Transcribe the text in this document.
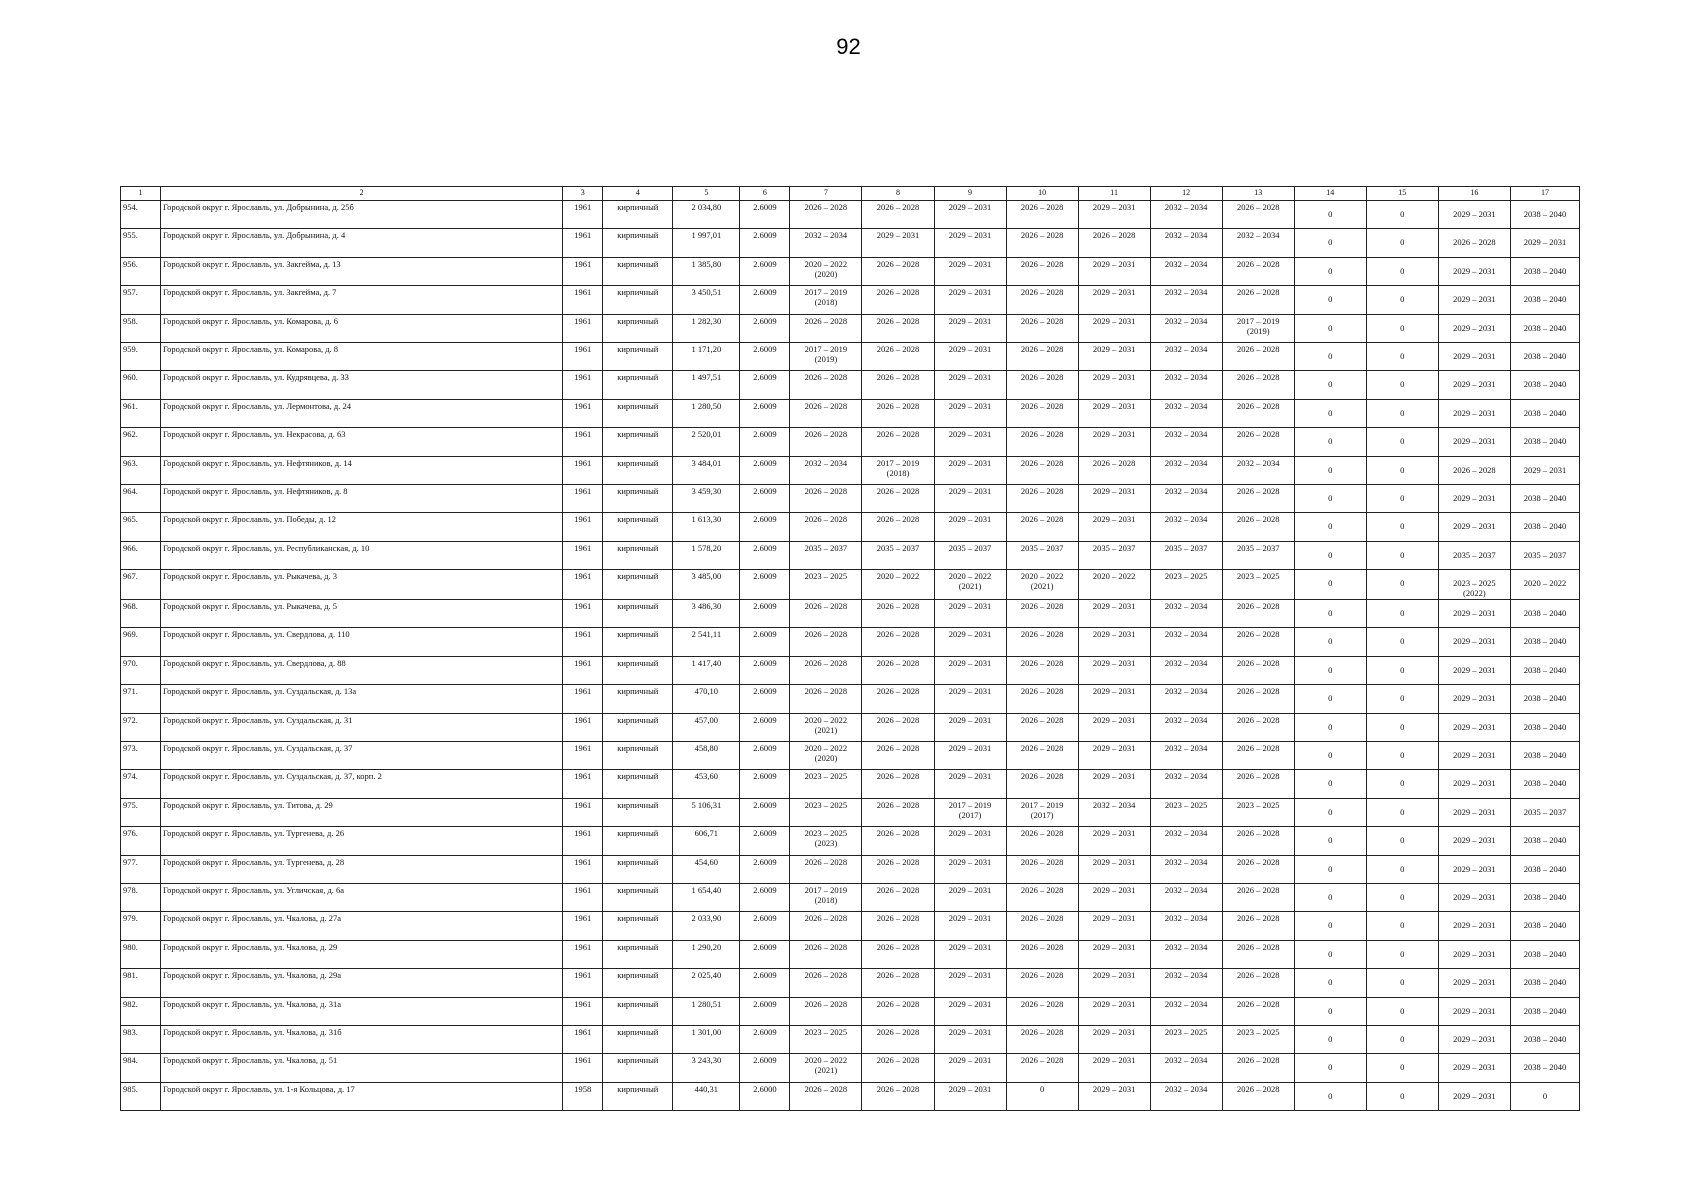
92
1	2	3	4	5	6	7	8	9	10	11	12	13	14	15	16	17
954.	Городской округ г. Ярославль, ул. Добрынина, д. 25б	1961	кирпичный	2 034,80	2.6009	2026 – 2028	2026 – 2028	2029 – 2031	2026 – 2028	2029 – 2031	2032 – 2034	2026 – 2028	0	0	2029 – 2031	2038 – 2040
955.	Городской округ г. Ярославль, ул. Добрынина, д. 4	1961	кирпичный	1 997,01	2.6009	2032 – 2034	2029 – 2031	2029 – 2031	2026 – 2028	2026 – 2028	2032 – 2034	2032 – 2034	0	0	2026 – 2028	2029 – 2031
956.	Городской округ г. Ярославль, ул. Закгейма, д. 13	1961	кирпичный	1 385,80	2.6009	2020 – 2022
(2020)	2026 – 2028	2029 – 2031	2026 – 2028	2029 – 2031	2032 – 2034	2026 – 2028	0	0	2029 – 2031	2038 – 2040
957.	Городской округ г. Ярославль, ул. Закгейма, д. 7	1961	кирпичный	3 450,51	2.6009	2017 – 2019
(2018)	2026 – 2028	2029 – 2031	2026 – 2028	2029 – 2031	2032 – 2034	2026 – 2028	0	0	2029 – 2031	2038 – 2040
958.	Городской округ г. Ярославль, ул. Комарова, д. 6	1961	кирпичный	1 282,30	2.6009	2026 – 2028	2026 – 2028	2029 – 2031	2026 – 2028	2029 – 2031	2032 – 2034	2017 – 2019
(2019)	0	0	2029 – 2031	2038 – 2040
959.	Городской округ г. Ярославль, ул. Комарова, д. 8	1961	кирпичный	1 171,20	2.6009	2017 – 2019
(2019)	2026 – 2028	2029 – 2031	2026 – 2028	2029 – 2031	2032 – 2034	2026 – 2028	0	0	2029 – 2031	2038 – 2040
960.	Городской округ г. Ярославль, ул. Кудрявцева, д. 33	1961	кирпичный	1 497,51	2.6009	2026 – 2028	2026 – 2028	2029 – 2031	2026 – 2028	2029 – 2031	2032 – 2034	2026 – 2028	0	0	2029 – 2031	2038 – 2040
961.	Городской округ г. Ярославль, ул. Лермонтова, д. 24	1961	кирпичный	1 280,50	2.6009	2026 – 2028	2026 – 2028	2029 – 2031	2026 – 2028	2029 – 2031	2032 – 2034	2026 – 2028	0	0	2029 – 2031	2038 – 2040
962.	Городской округ г. Ярославль, ул. Некрасова, д. 63	1961	кирпичный	2 520,01	2.6009	2026 – 2028	2026 – 2028	2029 – 2031	2026 – 2028	2029 – 2031	2032 – 2034	2026 – 2028	0	0	2029 – 2031	2038 – 2040
963.	Городской округ г. Ярославль, ул. Нефтяников, д. 14	1961	кирпичный	3 484,01	2.6009	2032 – 2034	2017 – 2019
(2018)	2029 – 2031	2026 – 2028	2026 – 2028	2032 – 2034	2032 – 2034	0	0	2026 – 2028	2029 – 2031
964.	Городской округ г. Ярославль, ул. Нефтяников, д. 8	1961	кирпичный	3 459,30	2.6009	2026 – 2028	2026 – 2028	2029 – 2031	2026 – 2028	2029 – 2031	2032 – 2034	2026 – 2028	0	0	2029 – 2031	2038 – 2040
965.	Городской округ г. Ярославль, ул. Победы, д. 12	1961	кирпичный	1 613,30	2.6009	2026 – 2028	2026 – 2028	2029 – 2031	2026 – 2028	2029 – 2031	2032 – 2034	2026 – 2028	0	0	2029 – 2031	2038 – 2040
966.	Городской округ г. Ярославль, ул. Республиканская, д. 10	1961	кирпичный	1 578,20	2.6009	2035 – 2037	2035 – 2037	2035 – 2037	2035 – 2037	2035 – 2037	2035 – 2037	2035 – 2037	0	0	2035 – 2037	2035 – 2037
967.	Городской округ г. Ярославль, ул. Рыкачева, д. 3	1961	кирпичный	3 485,00	2.6009	2023 – 2025	2020 – 2022	2020 – 2022
(2021)	2020 – 2022
(2021)	2020 – 2022	2023 – 2025	2023 – 2025	0	0	2023 – 2025
(2022)	2020 – 2022
968.	Городской округ г. Ярославль, ул. Рыкачева, д. 5	1961	кирпичный	3 486,30	2.6009	2026 – 2028	2026 – 2028	2029 – 2031	2026 – 2028	2029 – 2031	2032 – 2034	2026 – 2028	0	0	2029 – 2031	2038 – 2040
969.	Городской округ г. Ярославль, ул. Свердлова, д. 110	1961	кирпичный	2 541,11	2.6009	2026 – 2028	2026 – 2028	2029 – 2031	2026 – 2028	2029 – 2031	2032 – 2034	2026 – 2028	0	0	2029 – 2031	2038 – 2040
970.	Городской округ г. Ярославль, ул. Свердлова, д. 88	1961	кирпичный	1 417,40	2.6009	2026 – 2028	2026 – 2028	2029 – 2031	2026 – 2028	2029 – 2031	2032 – 2034	2026 – 2028	0	0	2029 – 2031	2038 – 2040
971.	Городской округ г. Ярославль, ул. Суздальская, д. 13а	1961	кирпичный	470,10	2.6009	2026 – 2028	2026 – 2028	2029 – 2031	2026 – 2028	2029 – 2031	2032 – 2034	2026 – 2028	0	0	2029 – 2031	2038 – 2040
972.	Городской округ г. Ярославль, ул. Суздальская, д. 31	1961	кирпичный	457,00	2.6009	2020 – 2022
(2021)	2026 – 2028	2029 – 2031	2026 – 2028	2029 – 2031	2032 – 2034	2026 – 2028	0	0	2029 – 2031	2038 – 2040
973.	Городской округ г. Ярославль, ул. Суздальская, д. 37	1961	кирпичный	458,80	2.6009	2020 – 2022
(2020)	2026 – 2028	2029 – 2031	2026 – 2028	2029 – 2031	2032 – 2034	2026 – 2028	0	0	2029 – 2031	2038 – 2040
974.	Городской округ г. Ярославль, ул. Суздальская, д. 37, корп. 2	1961	кирпичный	453,60	2.6009	2023 – 2025	2026 – 2028	2029 – 2031	2026 – 2028	2029 – 2031	2032 – 2034	2026 – 2028	0	0	2029 – 2031	2038 – 2040
975.	Городской округ г. Ярославль, ул. Титова, д. 29	1961	кирпичный	5 106,31	2.6009	2023 – 2025	2026 – 2028	2017 – 2019
(2017)	2017 – 2019
(2017)	2032 – 2034	2023 – 2025	2023 – 2025	0	0	2029 – 2031	2035 – 2037
976.	Городской округ г. Ярославль, ул. Тургенева, д. 26	1961	кирпичный	606,71	2.6009	2023 – 2025
(2023)	2026 – 2028	2029 – 2031	2026 – 2028	2029 – 2031	2032 – 2034	2026 – 2028	0	0	2029 – 2031	2038 – 2040
977.	Городской округ г. Ярославль, ул. Тургенева, д. 28	1961	кирпичный	454,60	2.6009	2026 – 2028	2026 – 2028	2029 – 2031	2026 – 2028	2029 – 2031	2032 – 2034	2026 – 2028	0	0	2029 – 2031	2038 – 2040
978.	Городской округ г. Ярославль, ул. Угличская, д. 6а	1961	кирпичный	1 654,40	2.6009	2017 – 2019
(2018)	2026 – 2028	2029 – 2031	2026 – 2028	2029 – 2031	2032 – 2034	2026 – 2028	0	0	2029 – 2031	2038 – 2040
979.	Городской округ г. Ярославль, ул. Чкалова, д. 27а	1961	кирпичный	2 033,90	2.6009	2026 – 2028	2026 – 2028	2029 – 2031	2026 – 2028	2029 – 2031	2032 – 2034	2026 – 2028	0	0	2029 – 2031	2038 – 2040
980.	Городской округ г. Ярославль, ул. Чкалова, д. 29	1961	кирпичный	1 290,20	2.6009	2026 – 2028	2026 – 2028	2029 – 2031	2026 – 2028	2029 – 2031	2032 – 2034	2026 – 2028	0	0	2029 – 2031	2038 – 2040
981.	Городской округ г. Ярославль, ул. Чкалова, д. 29а	1961	кирпичный	2 025,40	2.6009	2026 – 2028	2026 – 2028	2029 – 2031	2026 – 2028	2029 – 2031	2032 – 2034	2026 – 2028	0	0	2029 – 2031	2038 – 2040
982.	Городской округ г. Ярославль, ул. Чкалова, д. 31а	1961	кирпичный	1 280,51	2.6009	2026 – 2028	2026 – 2028	2029 – 2031	2026 – 2028	2029 – 2031	2032 – 2034	2026 – 2028	0	0	2029 – 2031	2038 – 2040
983.	Городской округ г. Ярославль, ул. Чкалова, д. 31б	1961	кирпичный	1 301,00	2.6009	2023 – 2025	2026 – 2028	2029 – 2031	2026 – 2028	2029 – 2031	2023 – 2025	2023 – 2025	0	0	2029 – 2031	2038 – 2040
984.	Городской округ г. Ярославль, ул. Чкалова, д. 51	1961	кирпичный	3 243,30	2.6009	2020 – 2022
(2021)	2026 – 2028	2029 – 2031	2026 – 2028	2029 – 2031	2032 – 2034	2026 – 2028	0	0	2029 – 2031	2038 – 2040
985.	Городской округ г. Ярославль, ул. 1-я Кольцова, д. 17	1958	кирпичный	440,31	2.6000	2026 – 2028	2026 – 2028	2029 – 2031	0	2029 – 2031	2032 – 2034	2026 – 2028	0	0	2029 – 2031	0
